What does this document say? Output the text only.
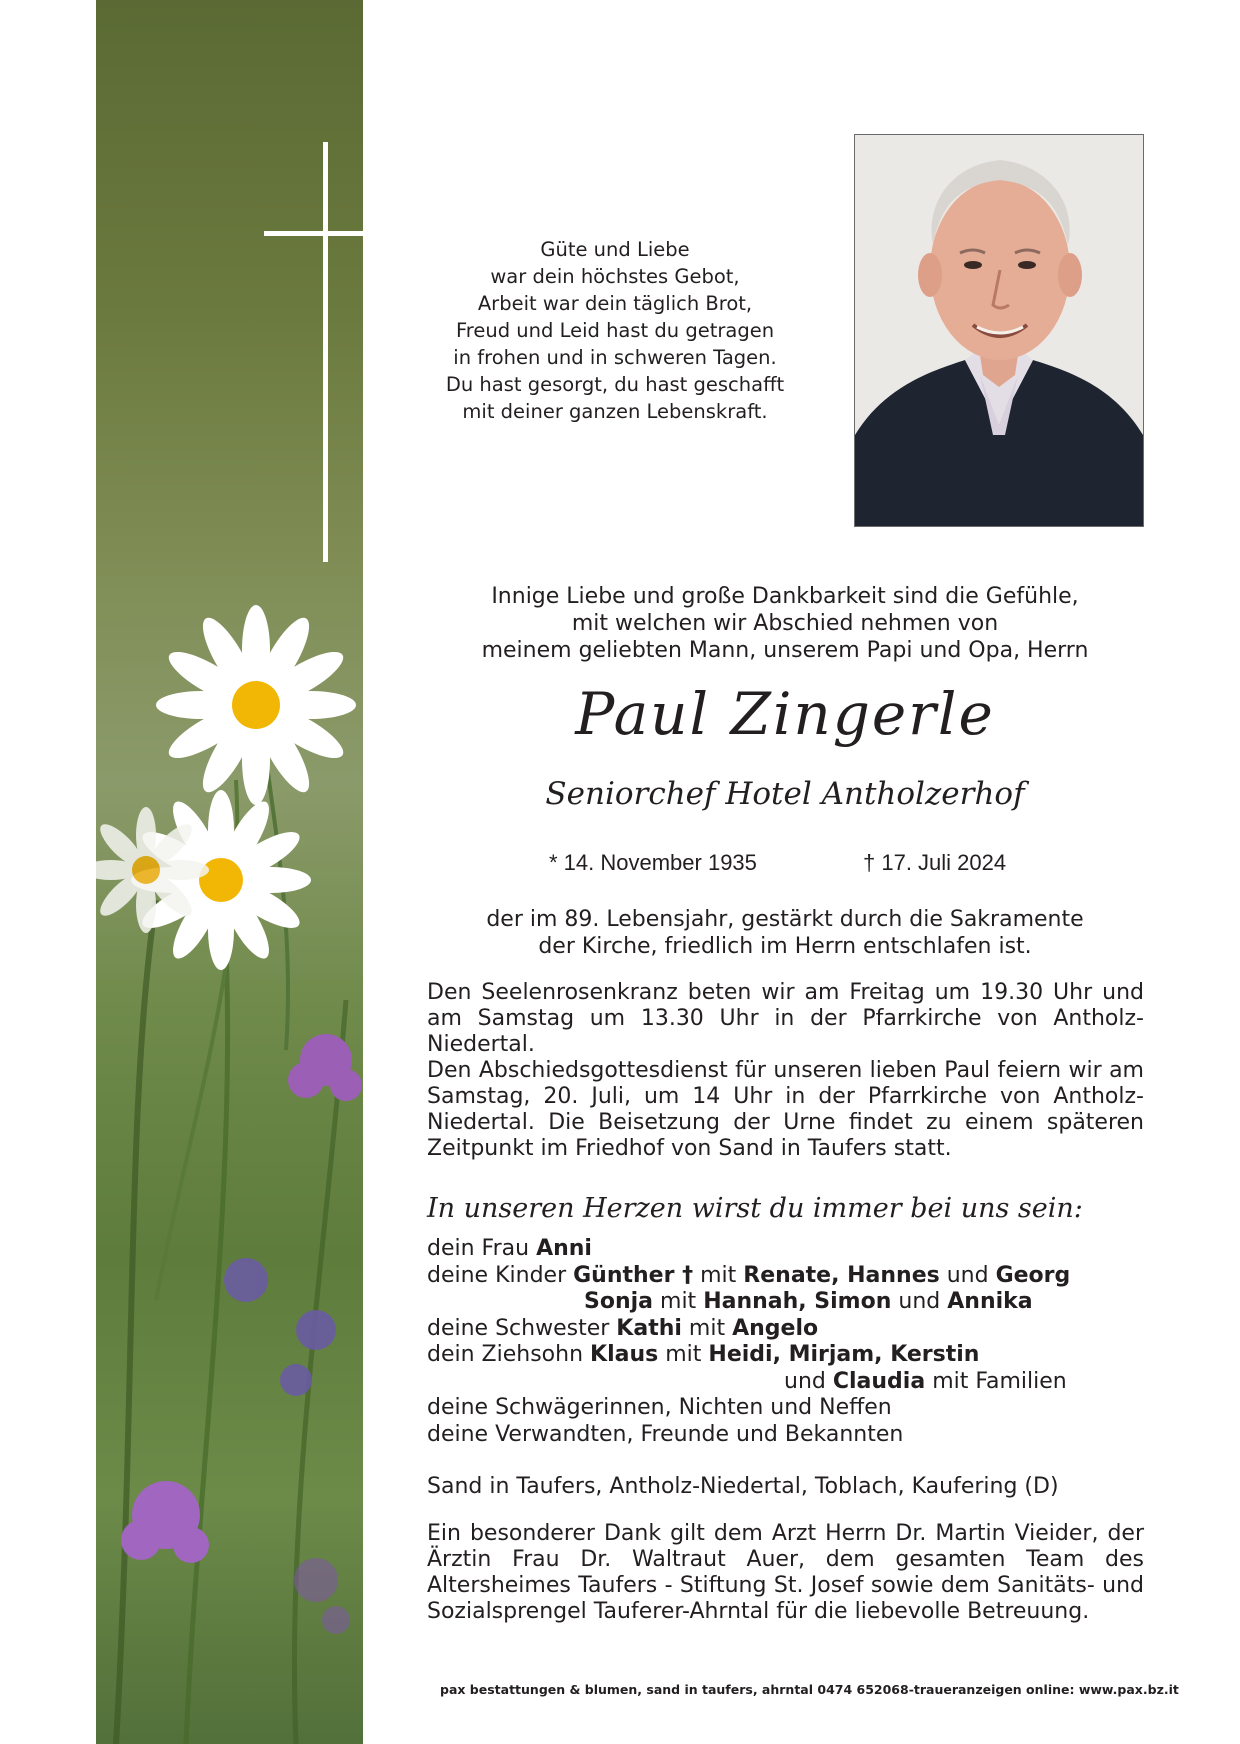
Güte und Liebe
war dein höchstes Gebot,
Arbeit war dein täglich Brot,
Freud und Leid hast du getragen
in frohen und in schweren Tagen.
Du hast gesorgt, du hast geschafft
mit deiner ganzen Lebenskraft.
Innige Liebe und große Dankbarkeit sind die Gefühle,
mit welchen wir Abschied nehmen von
meinem geliebten Mann, unserem Papi und Opa, Herrn
Paul Zingerle
Seniorchef Hotel Antholzerhof
* 14. November 1935	† 17. Juli 2024
der im 89. Lebensjahr, gestärkt durch die Sakramente
der Kirche, friedlich im Herrn entschlafen ist.

Den Seelenrosenkranz beten wir am Freitag um 19.30 Uhr und am Samstag um 13.30 Uhr in der Pfarrkirche von Antholz-Niedertal.

Den Abschiedsgottesdienst für unseren lieben Paul feiern wir am Samstag, 20. Juli, um 14 Uhr in der Pfarrkirche von Antholz-Niedertal. Die Beisetzung der Urne findet zu einem späteren Zeitpunkt im Friedhof von Sand in Taufers statt.

In unseren Herzen wirst du immer bei uns sein:
dein Frau Anni
deine Kinder Günther † mit Renate, Hannes und Georg
Sonja mit Hannah, Simon und Annika
deine Schwester Kathi mit Angelo
dein Ziehsohn Klaus mit Heidi, Mirjam, Kerstin
und Claudia mit Familien
deine Schwägerinnen, Nichten und Neffen
deine Verwandten, Freunde und Bekannten
Sand in Taufers, Antholz-Niedertal, Toblach, Kaufering (D)
Ein besonderer Dank gilt dem Arzt Herrn Dr. Martin Vieider, der Ärztin Frau Dr. Waltraut Auer, dem gesamten Team des Altersheimes Taufers - Stiftung St. Josef sowie dem Sanitäts- und Sozialsprengel Tauferer-Ahrntal für die liebevolle Betreuung.
pax bestattungen & blumen, sand in taufers, ahrntal 0474 652068-traueranzeigen online: www.pax.bz.it
